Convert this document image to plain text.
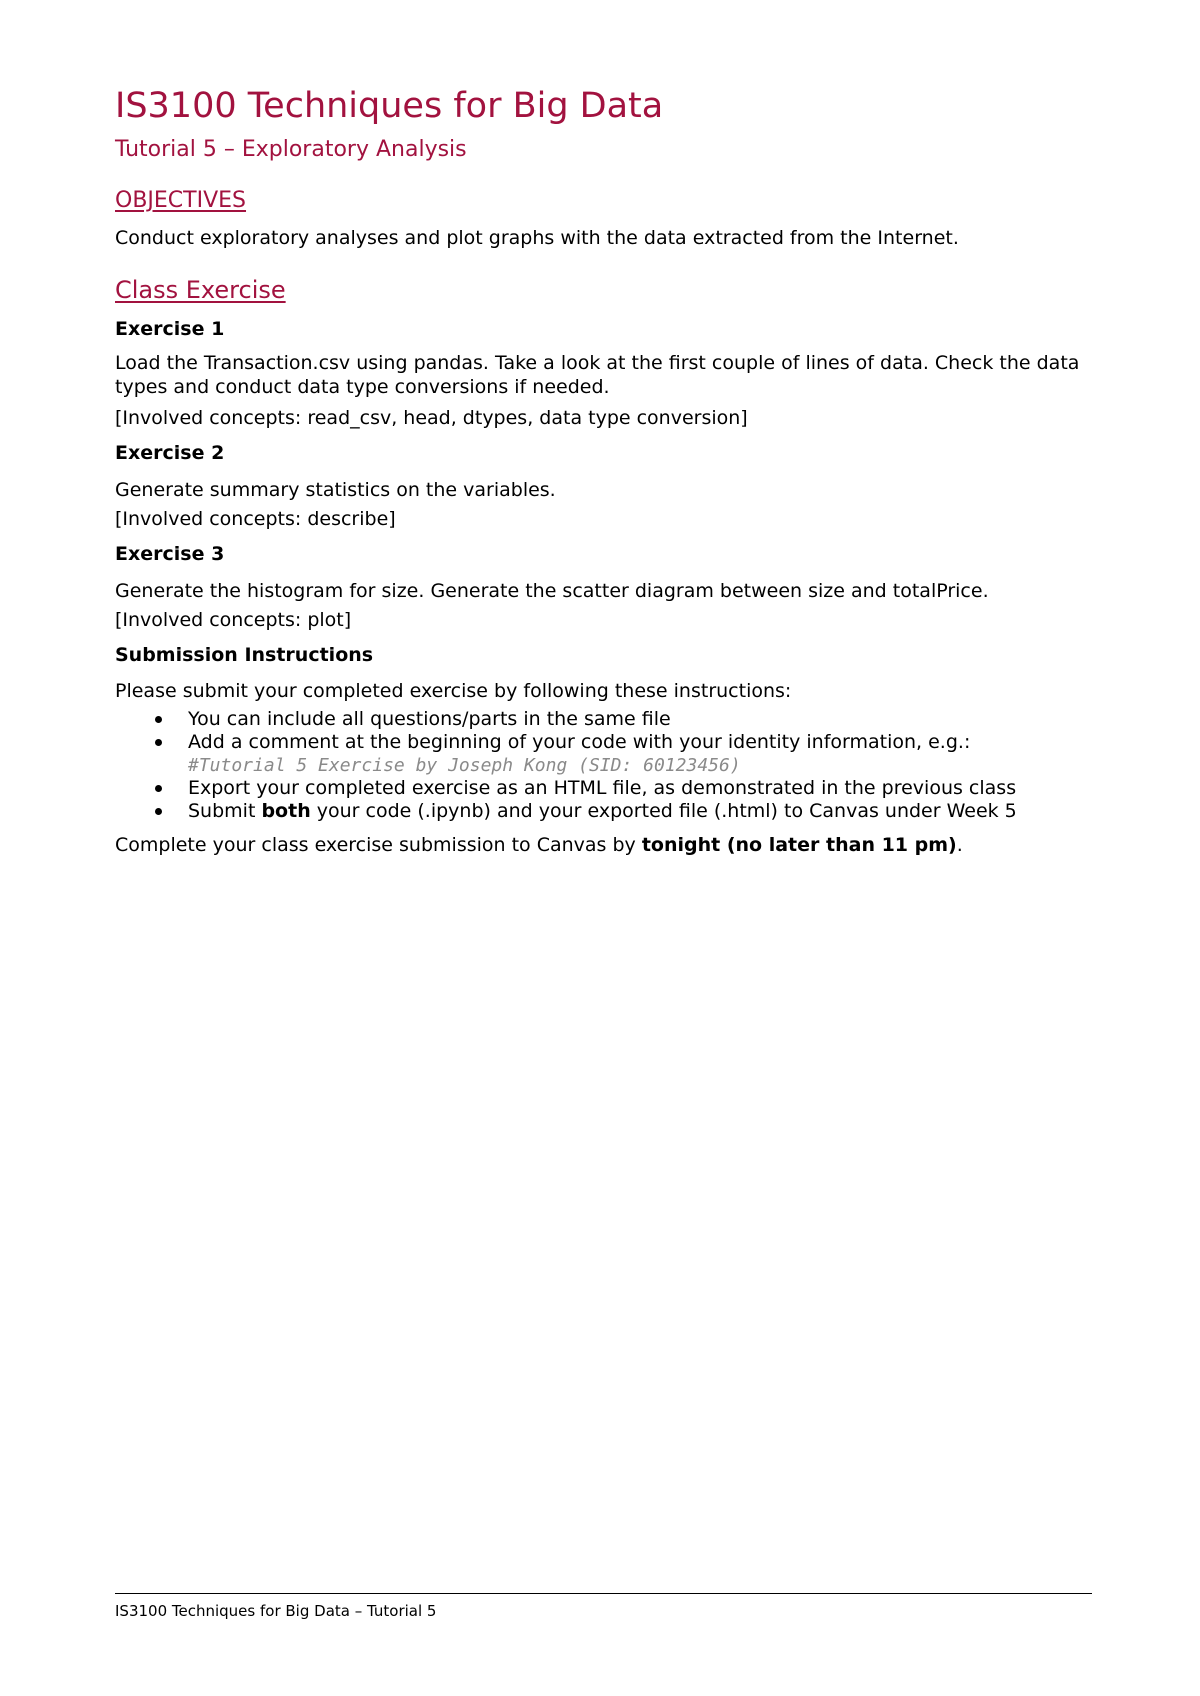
IS3100 Techniques for Big Data
Tutorial 5 – Exploratory Analysis
OBJECTIVES

Conduct exploratory analyses and plot graphs with the data extracted from the Internet.

Class Exercise
Exercise 1

Load the Transaction.csv using pandas. Take a look at the first couple of lines of data. Check the data types and conduct data type conversions if needed.

[Involved concepts: read_csv, head, dtypes, data type conversion]

Exercise 2

Generate summary statistics on the variables.

[Involved concepts: describe]

Exercise 3

Generate the histogram for size. Generate the scatter diagram between size and totalPrice.

[Involved concepts: plot]

Submission Instructions

Please submit your completed exercise by following these instructions:

You can include all questions/parts in the same file
Add a comment at the beginning of your code with your identity information, e.g.:
#Tutorial 5 Exercise by Joseph Kong (SID: 60123456)
Export your completed exercise as an HTML file, as demonstrated in the previous class
Submit both your code (.ipynb) and your exported file (.html) to Canvas under Week 5

Complete your class exercise submission to Canvas by tonight (no later than 11 pm).

IS3100 Techniques for Big Data – Tutorial 5
